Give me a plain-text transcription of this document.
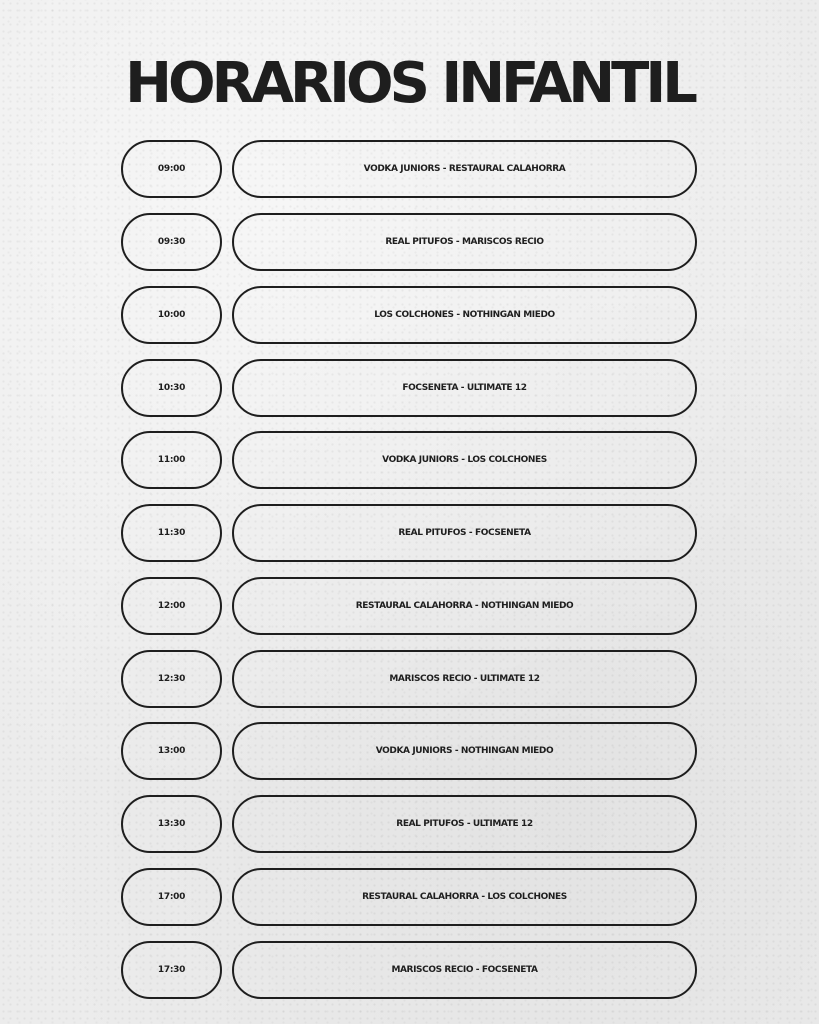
HORARIOS INFANTIL
09:00	VODKA JUNIORS - RESTAURAL CALAHORRA
09:30	REAL PITUFOS - MARISCOS RECIO
10:00	LOS COLCHONES - NOTHINGAN MIEDO
10:30	FOCSENETA - ULTIMATE 12
11:00	VODKA JUNIORS - LOS COLCHONES
11:30	REAL PITUFOS - FOCSENETA
12:00	RESTAURAL CALAHORRA - NOTHINGAN MIEDO
12:30	MARISCOS RECIO - ULTIMATE 12
13:00	VODKA JUNIORS - NOTHINGAN MIEDO
13:30	REAL PITUFOS - ULTIMATE 12
17:00	RESTAURAL CALAHORRA - LOS COLCHONES
17:30	MARISCOS RECIO - FOCSENETA
